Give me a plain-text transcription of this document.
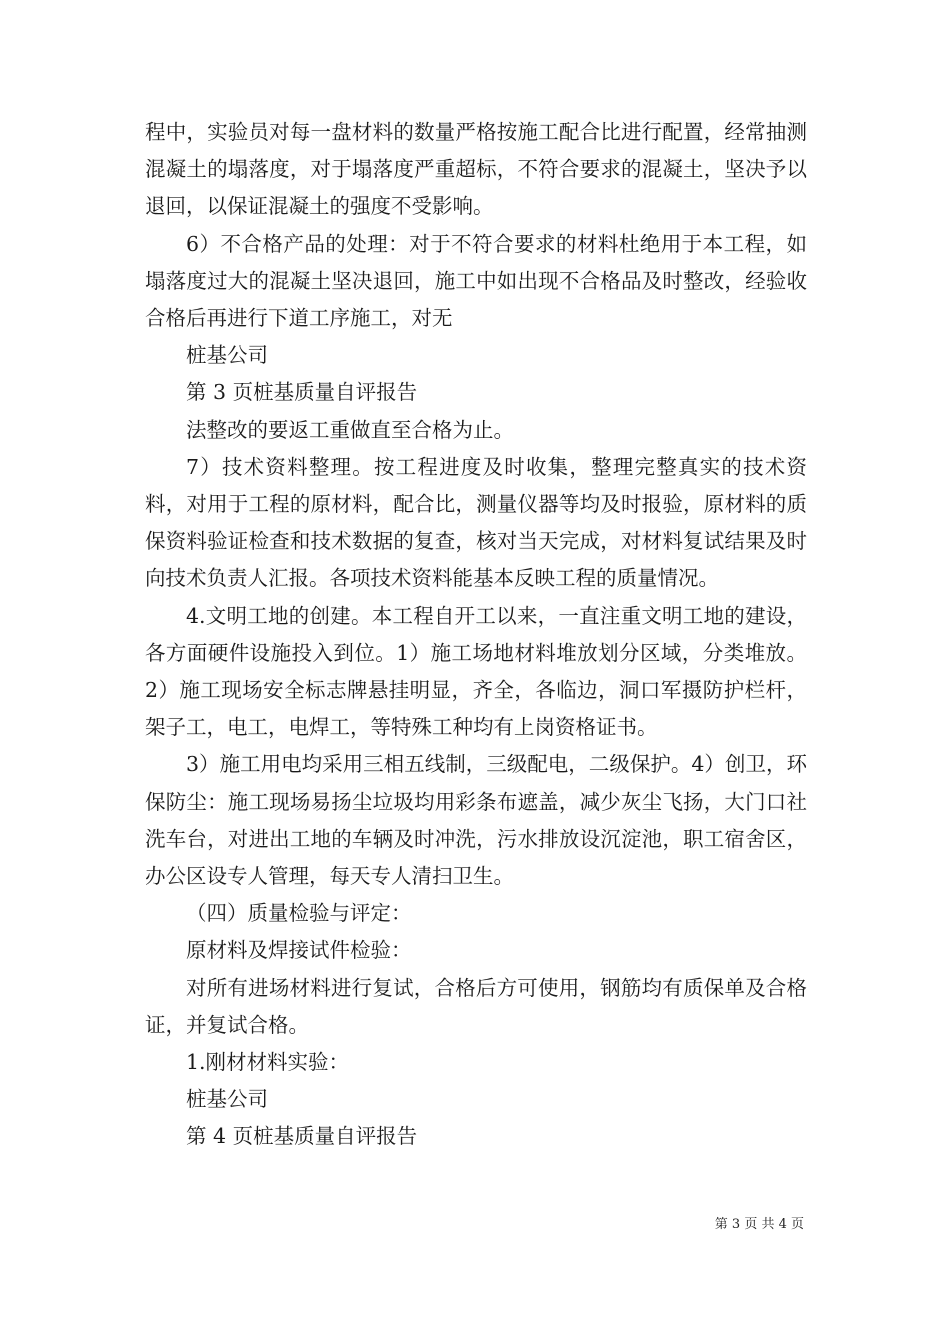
程中，实验员对每一盘材料的数量严格按施工配合比进行配置，经常抽测混凝土的塌落度，对于塌落度严重超标，不符合要求的混凝土，坚决予以退回，以保证混凝土的强度不受影响。

6）不合格产品的处理：对于不符合要求的材料杜绝用于本工程，如塌落度过大的混凝土坚决退回，施工中如出现不合格品及时整改，经验收合格后再进行下道工序施工，对无

桩基公司

第 3 页桩基质量自评报告

法整改的要返工重做直至合格为止。

7）技术资料整理。按工程进度及时收集，整理完整真实的技术资料，对用于工程的原材料，配合比，测量仪器等均及时报验，原材料的质保资料验证检查和技术数据的复查，核对当天完成，对材料复试结果及时向技术负责人汇报。各项技术资料能基本反映工程的质量情况。

4.文明工地的创建。本工程自开工以来，一直注重文明工地的建设，各方面硬件设施投入到位。1）施工场地材料堆放划分区域，分类堆放。2）施工现场安全标志牌悬挂明显，齐全，各临边，洞口军摄防护栏杆，架子工，电工，电焊工，等特殊工种均有上岗资格证书。

3）施工用电均采用三相五线制，三级配电，二级保护。4）创卫，环保防尘：施工现场易扬尘垃圾均用彩条布遮盖，减少灰尘飞扬，大门口社洗车台，对进出工地的车辆及时冲洗，污水排放设沉淀池，职工宿舍区，办公区设专人管理，每天专人清扫卫生。

（四）质量检验与评定：

原材料及焊接试件检验：

对所有进场材料进行复试，合格后方可使用，钢筋均有质保单及合格证，并复试合格。

1.刚材材料实验：

桩基公司

第 4 页桩基质量自评报告

第 3 页 共 4 页
